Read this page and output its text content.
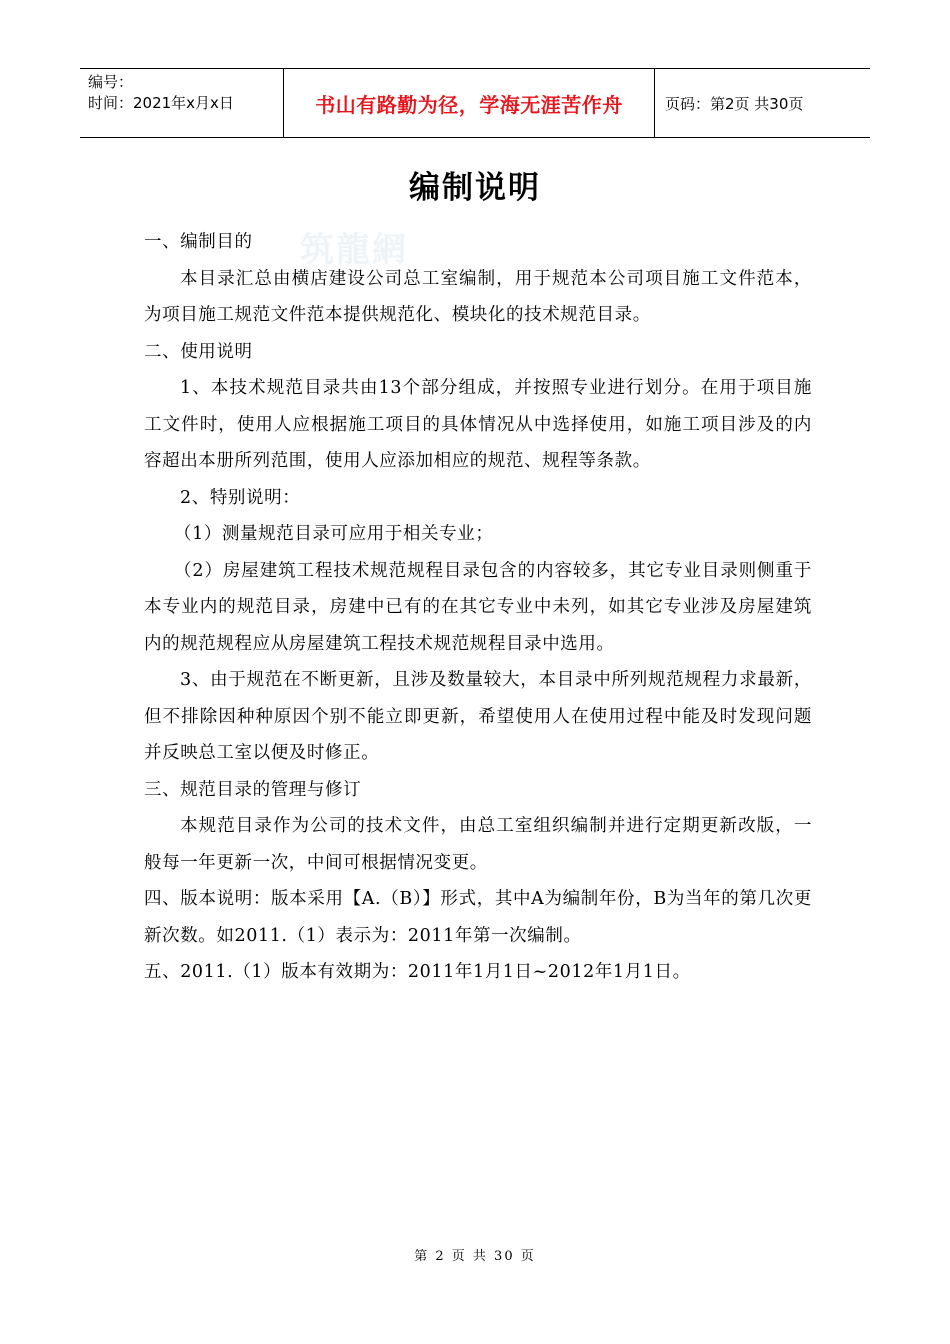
编号：
时间：2021年x月x日	书山有路勤为径，学海无涯苦作舟	页码：第2页 共30页
编制说明
筑龍網

一、编制目的

本目录汇总由横店建设公司总工室编制，用于规范本公司项目施工文件范本，为项目施工规范文件范本提供规范化、模块化的技术规范目录。

二、使用说明

1、本技术规范目录共由13个部分组成，并按照专业进行划分。在用于项目施工文件时，使用人应根据施工项目的具体情况从中选择使用，如施工项目涉及的内容超出本册所列范围，使用人应添加相应的规范、规程等条款。

2、特别说明：

（1）测量规范目录可应用于相关专业；

（2）房屋建筑工程技术规范规程目录包含的内容较多，其它专业目录则侧重于本专业内的规范目录，房建中已有的在其它专业中未列，如其它专业涉及房屋建筑内的规范规程应从房屋建筑工程技术规范规程目录中选用。

3、由于规范在不断更新，且涉及数量较大，本目录中所列规范规程力求最新，但不排除因种种原因个别不能立即更新，希望使用人在使用过程中能及时发现问题并反映总工室以便及时修正。

三、规范目录的管理与修订

本规范目录作为公司的技术文件，由总工室组织编制并进行定期更新改版，一般每一年更新一次，中间可根据情况变更。

四、版本说明：版本采用【A.（B）】形式，其中A为编制年份，B为当年的第几次更新次数。如2011.（1）表示为：2011年第一次编制。

五、2011.（1）版本有效期为：2011年1月1日~2012年1月1日。

第 2 页 共 30 页
